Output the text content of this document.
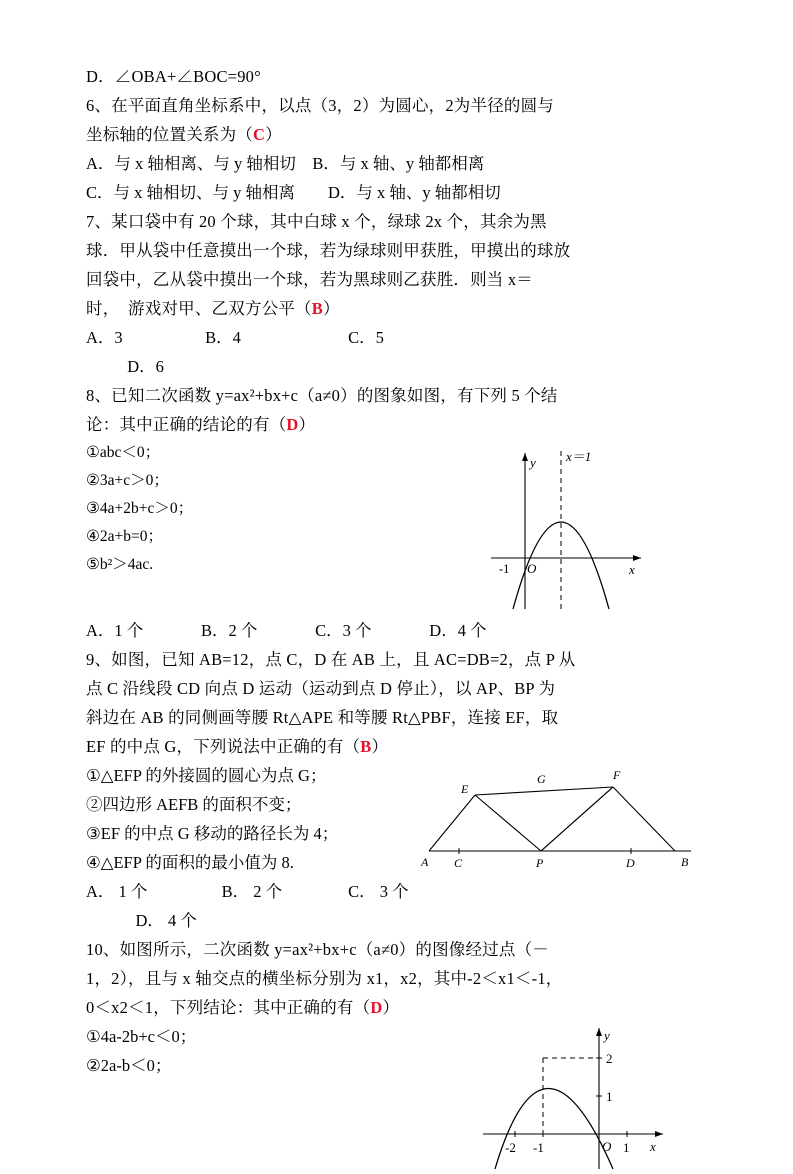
D．∠OBA+∠BOC=90°
6、在平面直角坐标系中，以点（3，2）为圆心，2为半径的圆与
坐标轴的位置关系为（C）
A．与 x 轴相离、与 y 轴相切    B．与 x 轴、y 轴都相离
C．与 x 轴相切、与 y 轴相离        D．与 x 轴、y 轴都相切
7、某口袋中有 20 个球，其中白球 x 个，绿球 2x 个，其余为黑
球．甲从袋中任意摸出一个球，若为绿球则甲获胜，甲摸出的球放
回袋中，乙从袋中摸出一个球，若为黑球则乙获胜．则当 x＝
时，  游戏对甲、乙双方公平（B）
A．3                    B．4                          C．5
D．6
8、已知二次函数 y=ax²+bx+c（a≠0）的图象如图，有下列 5 个结
论：其中正确的结论的有（D）
y
x
O
-1
x＝1
①abc＜0；
②3a+c＞0；
③4a+2b+c＞0；
④2a+b=0；
⑤b²＞4ac.
A．1 个              B．2 个              C．3 个              D．4 个
9、如图，已知 AB=12，点 C，D 在 AB 上，且 AC=DB=2，点 P 从
点 C 沿线段 CD 向点 D 运动（运动到点 D 停止），以 AP、BP 为
斜边在 AB 的同侧画等腰 Rt△APE 和等腰 Rt△PBF，连接 EF，取
EF 的中点 G，下列说法中正确的有（B）
A C	P	D	B
E
G	F
①△EFP 的外接圆的圆心为点 G；
②四边形 AEFB 的面积不变；
③EF 的中点 G 移动的路径长为 4；
④△EFP 的面积的最小值为 8.
A． 1 个                  B． 2 个                C． 3 个
D． 4 个
10、如图所示，二次函数 y=ax²+bx+c（a≠0）的图像经过点（－
1，2），且与 x 轴交点的横坐标分别为 x1，x2，其中-2＜x1＜-1，
0＜x2＜1，下列结论：其中正确的有（D）
y
x
O
-2 -1	1
2
1
①4a-2b+c＜0；
②2a-b＜0；
